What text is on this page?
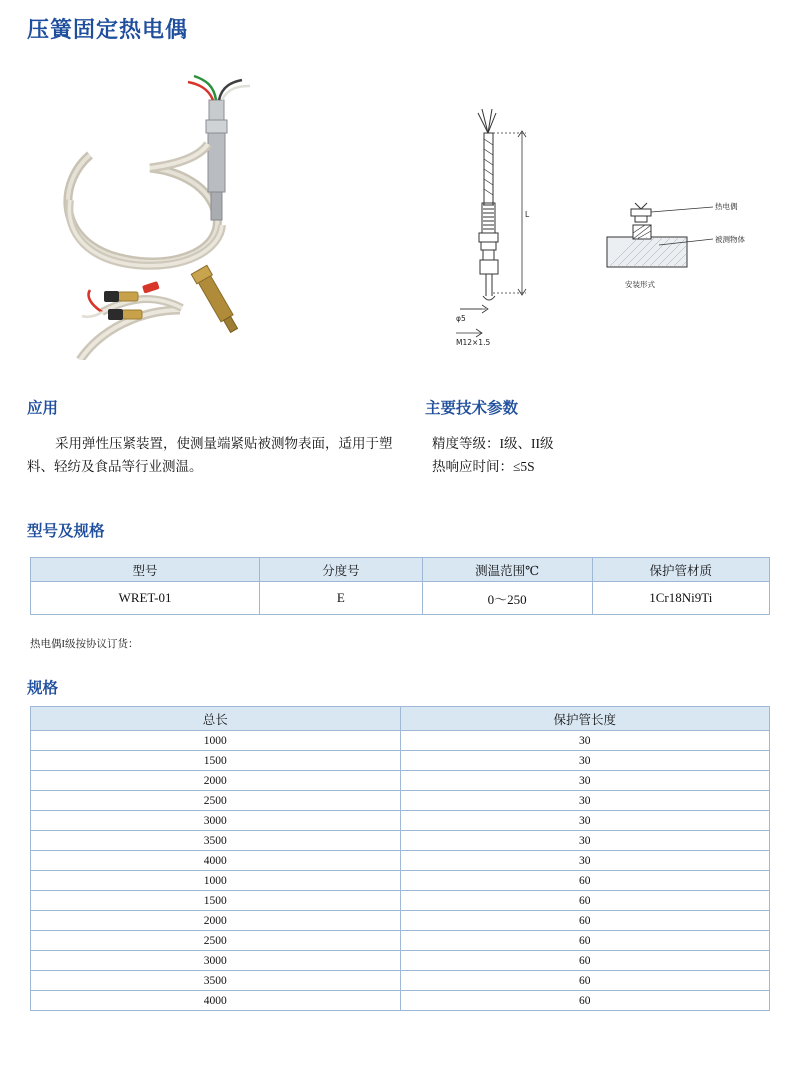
压簧固定热电偶
L
φ5
M12×1.5
热电偶
被测物体
安装形式
应用
采用弹性压紧装置，使测量端紧贴被测物表面，适用于塑料、轻纺及食品等行业测温。
主要技术参数
精度等级：I级、II级
热响应时间：≤5S
型号及规格
型号	分度号	测温范围℃	保护管材质
WRET-01	E	0～250	1Cr18Ni9Ti
热电偶I级按协议订货：
规格
总长	保护管长度
1000	30
1500	30
2000	30
2500	30
3000	30
3500	30
4000	30
1000	60
1500	60
2000	60
2500	60
3000	60
3500	60
4000	60
